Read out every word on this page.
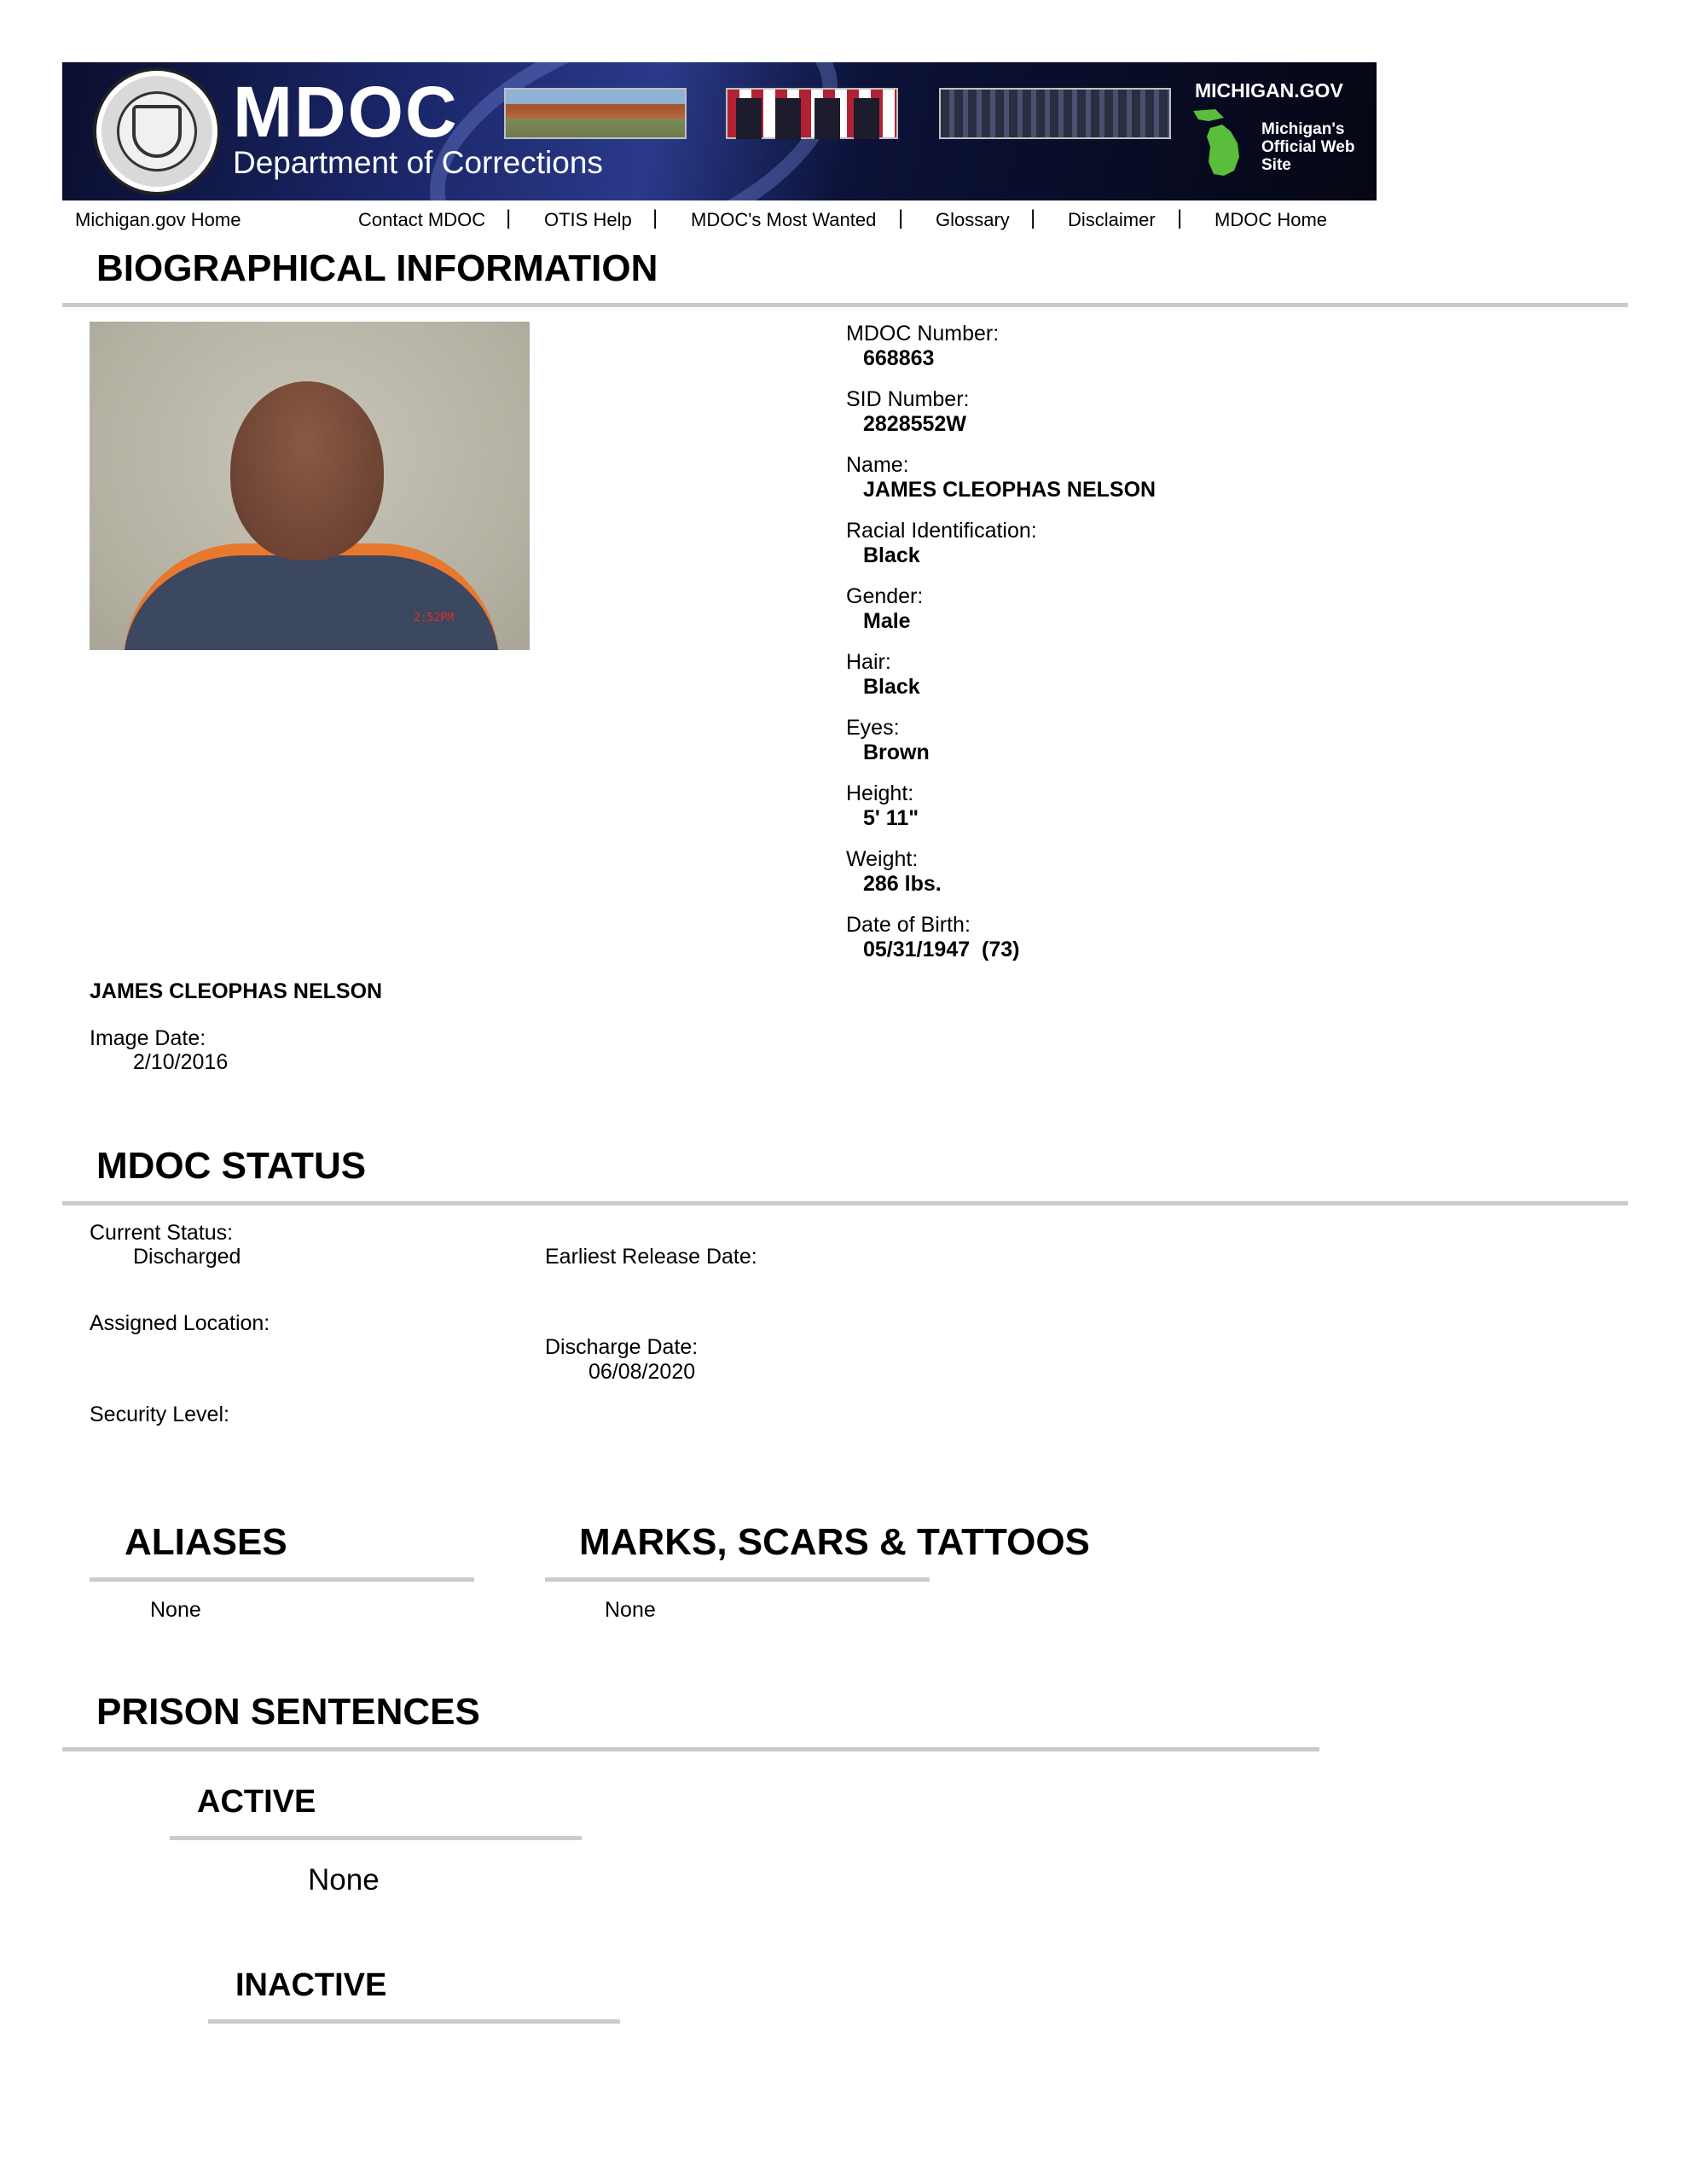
MDOC
Department of Corrections
MICHIGAN.GOV
Michigan's Official Web Site
Michigan.gov Home	Contact MDOC | OTIS Help | MDOC's Most Wanted | Glossary | Disclaimer | MDOC Home
BIOGRAPHICAL INFORMATION
2:52PM
MDOC Number:
668863
SID Number:
2828552W
Name:
JAMES CLEOPHAS NELSON
Racial Identification:
Black
Gender:
Male
Hair:
Black
Eyes:
Brown
Height:
5' 11"
Weight:
286 lbs.
Date of Birth:
05/31/1947  (73)
JAMES CLEOPHAS NELSON
Image Date:
2/10/2016
MDOC STATUS
Current Status:
Discharged	Earliest Release Date:
Assigned Location:
Discharge Date:
06/08/2020
Security Level:
ALIASES
None
MARKS, SCARS & TATTOOS
None
PRISON SENTENCES
ACTIVE
None
INACTIVE
